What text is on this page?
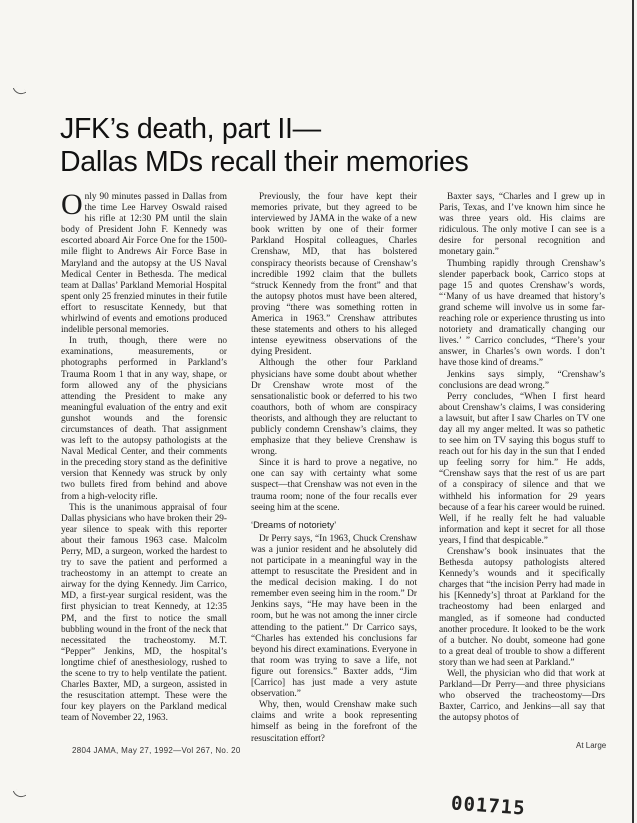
JFK’s death, part II—
Dallas MDs recall their memories

Only 90 minutes passed in Dallas from the time Lee Harvey Oswald raised his rifle at 12:30 PM until the slain body of President John F. Kennedy was escorted aboard Air Force One for the 1500-mile flight to Andrews Air Force Base in Maryland and the autopsy at the US Naval Medical Center in Bethesda. The medical team at Dallas’ Parkland Memorial Hospital spent only 25 frenzied minutes in their futile effort to resuscitate Kennedy, but that whirlwind of events and emotions produced indelible personal memories.

In truth, though, there were no examinations, measurements, or photographs performed in Parkland’s Trauma Room 1 that in any way, shape, or form allowed any of the physicians attending the President to make any meaningful evaluation of the entry and exit gunshot wounds and the forensic circumstances of death. That assignment was left to the autopsy pathologists at the Naval Medical Center, and their comments in the preceding story stand as the definitive version that Kennedy was struck by only two bullets fired from behind and above from a high-velocity rifle.

This is the unanimous appraisal of four Dallas physicians who have broken their 29-year silence to speak with this reporter about their famous 1963 case. Malcolm Perry, MD, a surgeon, worked the hardest to try to save the patient and performed a tracheostomy in an attempt to create an airway for the dying Kennedy. Jim Carrico, MD, a first-year surgical resident, was the first physician to treat Kennedy, at 12:35 PM, and the first to notice the small bubbling wound in the front of the neck that necessitated the tracheostomy. M.T. “Pepper” Jenkins, MD, the hospital’s longtime chief of anesthesiology, rushed to the scene to try to help ventilate the patient. Charles Baxter, MD, a surgeon, assisted in the resuscitation attempt. These were the four key players on the Parkland medical team of November 22, 1963.

Previously, the four have kept their memories private, but they agreed to be interviewed by JAMA in the wake of a new book written by one of their former Parkland Hospital colleagues, Charles Crenshaw, MD, that has bolstered conspiracy theorists because of Crenshaw’s incredible 1992 claim that the bullets “struck Kennedy from the front” and that the autopsy photos must have been altered, proving “there was something rotten in America in 1963.” Crenshaw attributes these statements and others to his alleged intense eyewitness observations of the dying President.

Although the other four Parkland physicians have some doubt about whether Dr Crenshaw wrote most of the sensationalistic book or deferred to his two coauthors, both of whom are conspiracy theorists, and although they are reluctant to publicly condemn Crenshaw’s claims, they emphasize that they believe Crenshaw is wrong.

Since it is hard to prove a negative, no one can say with certainty what some suspect—that Crenshaw was not even in the trauma room; none of the four recalls ever seeing him at the scene.

‘Dreams of notoriety’

Dr Perry says, “In 1963, Chuck Crenshaw was a junior resident and he absolutely did not participate in a meaningful way in the attempt to resuscitate the President and in the medical decision making. I do not remember even seeing him in the room.” Dr Jenkins says, “He may have been in the room, but he was not among the inner circle attending to the patient.” Dr Carrico says, “Charles has extended his conclusions far beyond his direct examinations. Everyone in that room was trying to save a life, not figure out forensics.” Baxter adds, “Jim [Carrico] has just made a very astute observation.”

Why, then, would Crenshaw make such claims and write a book representing himself as being in the forefront of the resuscitation effort?

Baxter says, “Charles and I grew up in Paris, Texas, and I’ve known him since he was three years old. His claims are ridiculous. The only motive I can see is a desire for personal recognition and monetary gain.”

Thumbing rapidly through Crenshaw’s slender paperback book, Carrico stops at page 15 and quotes Crenshaw’s words, “‘Many of us have dreamed that history’s grand scheme will involve us in some far-reaching role or experience thrusting us into notoriety and dramatically changing our lives.’ ” Carrico concludes, “There’s your answer, in Charles’s own words. I don’t have those kind of dreams.”

Jenkins says simply, “Crenshaw’s conclusions are dead wrong.”

Perry concludes, “When I first heard about Crenshaw’s claims, I was considering a lawsuit, but after I saw Charles on TV one day all my anger melted. It was so pathetic to see him on TV saying this bogus stuff to reach out for his day in the sun that I ended up feeling sorry for him.” He adds, “Crenshaw says that the rest of us are part of a conspiracy of silence and that we withheld his information for 29 years because of a fear his career would be ruined. Well, if he really felt he had valuable information and kept it secret for all those years, I find that despicable.”

Crenshaw’s book insinuates that the Bethesda autopsy pathologists altered Kennedy’s wounds and it specifically charges that “the incision Perry had made in his [Kennedy’s] throat at Parkland for the tracheostomy had been enlarged and mangled, as if someone had conducted another procedure. It looked to be the work of a butcher. No doubt, someone had gone to a great deal of trouble to show a different story than we had seen at Parkland.”

Well, the physician who did that work at Parkland—Dr Perry—and three physicians who observed the tracheostomy—Drs Baxter, Carrico, and Jenkins—all say that the autopsy photos of

2804 JAMA, May 27, 1992—Vol 267, No. 20
At Large
001715
